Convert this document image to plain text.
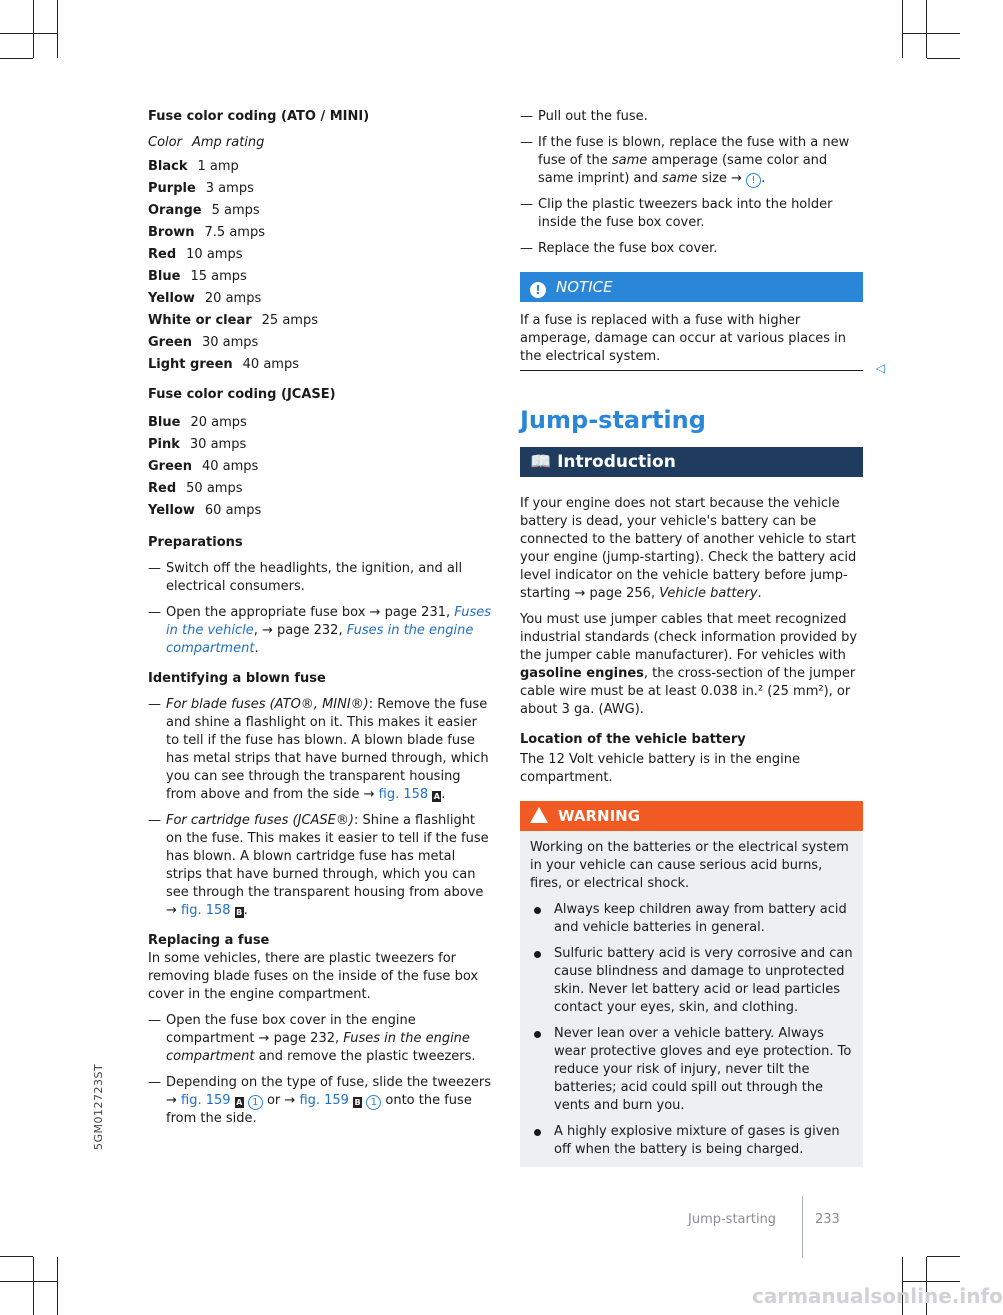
5GM012723ST
Fuse color coding (ATO / MINI)
Color Amp rating
Black 1 amp
Purple 3 amps
Orange 5 amps
Brown 7.5 amps
Red 10 amps
Blue 15 amps
Yellow 20 amps
White or clear 25 amps
Green 30 amps
Light green 40 amps
Fuse color coding (JCASE)
Blue 20 amps
Pink 30 amps
Green 40 amps
Red 50 amps
Yellow 60 amps
Preparations
— Switch off the headlights, the ignition, and all electrical consumers.
— Open the appropriate fuse box → page 231, Fuses in the vehicle, → page 232, Fuses in the engine compartment.
Identifying a blown fuse
— For blade fuses (ATO®, MINI®): Remove the fuse and shine a flashlight on it. This makes it easier to tell if the fuse has blown. A blown blade fuse has metal strips that have burned through, which you can see through the transparent housing from above and from the side → fig. 158 A.
— For cartridge fuses (JCASE®): Shine a flashlight on the fuse. This makes it easier to tell if the fuse has blown. A blown cartridge fuse has metal strips that have burned through, which you can see through the transparent housing from above → fig. 158 B.
Replacing a fuse
In some vehicles, there are plastic tweezers for removing blade fuses on the inside of the fuse box cover in the engine compartment.
— Open the fuse box cover in the engine compartment → page 232, Fuses in the engine compartment and remove the plastic tweezers.
— Depending on the type of fuse, slide the tweezers → fig. 159 A 1 or → fig. 159 B 1 onto the fuse from the side.
— Pull out the fuse.
— If the fuse is blown, replace the fuse with a new fuse of the same amperage (same color and same imprint) and same size → ! .
— Clip the plastic tweezers back into the holder inside the fuse box cover.
— Replace the fuse box cover.
! NOTICE
If a fuse is replaced with a fuse with higher amperage, damage can occur at various places in the electrical system.
◁
Jump-starting
📖 Introduction
If your engine does not start because the vehicle battery is dead, your vehicle's battery can be connected to the battery of another vehicle to start your engine (jump-starting). Check the battery acid level indicator on the vehicle battery before jump-starting → page 256, Vehicle battery.
You must use jumper cables that meet recognized industrial standards (check information provided by the jumper cable manufacturer). For vehicles with gasoline engines, the cross-section of the jumper cable wire must be at least 0.038 in.² (25 mm²), or about 3 ga. (AWG).
Location of the vehicle battery
The 12 Volt vehicle battery is in the engine compartment.
WARNING
Working on the batteries or the electrical system in your vehicle can cause serious acid burns, fires, or electrical shock.
Always keep children away from battery acid and vehicle batteries in general.
Sulfuric battery acid is very corrosive and can cause blindness and damage to unprotected skin. Never let battery acid or lead particles contact your eyes, skin, and clothing.
Never lean over a vehicle battery. Always wear protective gloves and eye protection. To reduce your risk of injury, never tilt the batteries; acid could spill out through the vents and burn you.
A highly explosive mixture of gases is given off when the battery is being charged.
Jump-starting	233
carmanualsonline.info
